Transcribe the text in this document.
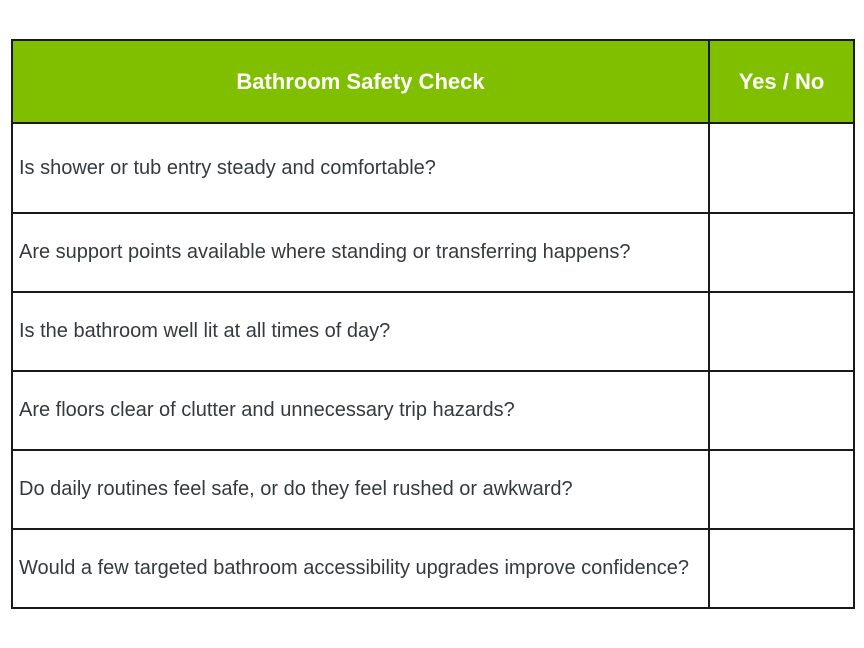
Bathroom Safety Check	Yes / No
Is shower or tub entry steady and comfortable?	
Are support points available where standing or transferring happens?	
Is the bathroom well lit at all times of day?	
Are floors clear of clutter and unnecessary trip hazards?	
Do daily routines feel safe, or do they feel rushed or awkward?	
Would a few targeted bathroom accessibility upgrades improve confidence?	
